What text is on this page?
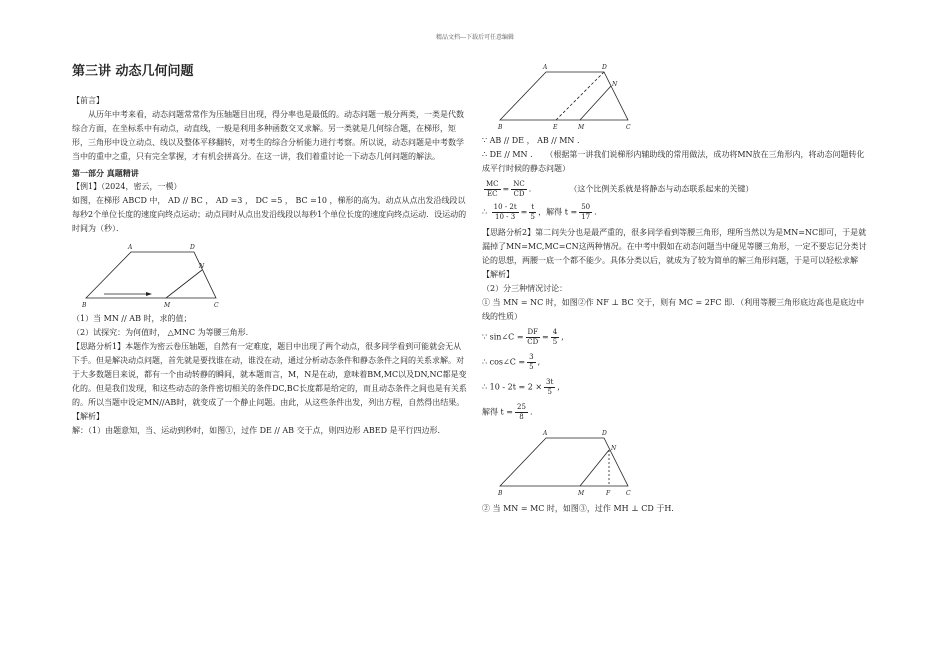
精品文档---下载后可任意编辑
第三讲 动态几何问题

【前言】

从历年中考来看，动态问题常常作为压轴题目出现，得分率也是最低的。动态问题一般分两类，一类是代数综合方面，在坐标系中有动点，动直线，一般是利用多种函数交叉求解。另一类就是几何综合题，在梯形，矩形，三角形中设立动点、线以及整体平移翻转，对考生的综合分析能力进行考察。所以说，动态问题是中考数学当中的重中之重，只有完全掌握，才有机会拼高分。在这一讲，我们着重讨论一下动态几何问题的解法。

第一部分 真题精讲

【例1】（2024，密云，一模）

如图，在梯形 ABCD 中， AD // BC ， AD =3 ， DC =5 ， BC =10 ，梯形的高为。动点从点出发沿线段以每秒2个单位长度的速度向终点运动；动点同时从点出发沿线段以每秒1个单位长度的速度向终点运动．设运动的时间为（秒）．

A	D
N
B	M	C

（1）当 MN // AB 时，求的值；

（2）试探究：为何值时， △MNC 为等腰三角形.

【思路分析1】本题作为密云卷压轴题，自然有一定难度，题目中出现了两个动点，很多同学看到可能就会无从下手。但是解决动点问题，首先就是要找谁在动，谁没在动，通过分析动态条件和静态条件之间的关系求解。对于大多数题目来说，都有一个由动转静的瞬间，就本题而言，M，N是在动，意味着BM,MC以及DN,NC都是变化的。但是我们发现，和这些动态的条件密切相关的条件DC,BC长度都是给定的，而且动态条件之间也是有关系的。所以当题中设定MN//AB时，就变成了一个静止问题。由此，从这些条件出发，列出方程，自然得出结果。

【解析】

解：（1）由题意知，当、运动到秒时，如图①，过作 DE // AB 交于点，则四边形 ABED 是平行四边形.

A	D
N
B	E	M	C

∵ AB // DE ， AB // MN .

∴ DE // MN . （根据第一讲我们说梯形内辅助线的常用做法，成功将MN放在三角形内，将动态问题转化成平行时候的静态问题）

$\frac{MC}{EC} = \frac{NC}{CD}$ .               （这个比例关系就是将静态与动态联系起来的关键）

∴ $\frac{10 - 2t}{10 - 3} = \frac{t}{5}$ ，解得 $t = \frac{50}{17}$ .

【思路分析2】第二问失分也是最严重的，很多同学看到等腰三角形，理所当然以为是MN=NC即可，于是就漏掉了MN=MC,MC=CN这两种情况。在中考中假如在动态问题当中碰见等腰三角形，一定不要忘记分类讨论的思想，两腰一底一个都不能少。具体分类以后，就成为了较为简单的解三角形问题，于是可以轻松求解

【解析】

（2）分三种情况讨论：

① 当 MN = NC 时，如图②作 NF ⊥ BC 交于，则有 MC = 2FC 即．（利用等腰三角形底边高也是底边中线的性质）

∵ sin∠C = $\frac{DF}{CD} = \frac{4}{5}$ ,

∴ cos∠C = $\frac{3}{5}$ ,

∴ $10 - 2t = 2 \times \frac{3t}{5}$ ,

解得 $t = \frac{25}{8}$ .

A	D
N
B	M	F	C

② 当 MN = MC 时，如图③，过作 MH ⊥ CD 于H.
